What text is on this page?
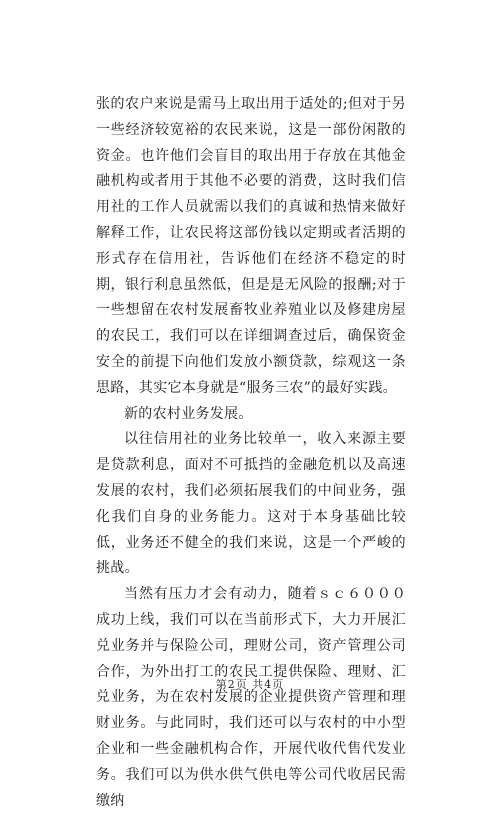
张的农户来说是需马上取出用于适处的;但对于另一些经济较宽裕的农民来说，这是一部份闲散的资金。也许他们会盲目的取出用于存放在其他金融机构或者用于其他不必要的消费，这时我们信用社的工作人员就需以我们的真诚和热情来做好解释工作，让农民将这部份钱以定期或者活期的形式存在信用社，告诉他们在经济不稳定的时期，银行利息虽然低，但是是无风险的报酬;对于一些想留在农村发展畜牧业养殖业以及修建房屋的农民工，我们可以在详细调查过后，确保资金安全的前提下向他们发放小额贷款，综观这一条思路，其实它本身就是“服务三农”的最好实践。

新的农村业务发展。

以往信用社的业务比较单一，收入来源主要是贷款利息，面对不可抵挡的金融危机以及高速发展的农村，我们必须拓展我们的中间业务，强化我们自身的业务能力。这对于本身基础比较低，业务还不健全的我们来说，这是一个严峻的挑战。

当然有压力才会有动力，随着ｓｃ６０００成功上线，我们可以在当前形式下，大力开展汇兑业务并与保险公司，理财公司，资产管理公司合作，为外出打工的农民工提供保险、理财、汇兑业务，为在农村发展的企业提供资产管理和理财业务。与此同时，我们还可以与农村的中小型企业和一些金融机构合作，开展代收代售代发业务。我们可以为供水供气供电等公司代收居民需缴纳

第2页 共4页
